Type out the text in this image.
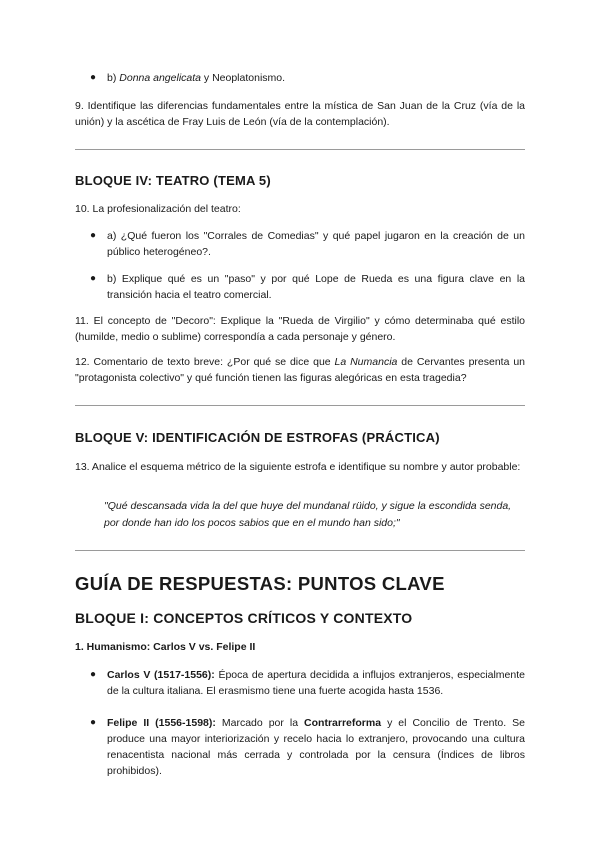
● b) Donna angelicata y Neoplatonismo.
9. Identifique las diferencias fundamentales entre la mística de San Juan de la Cruz (vía de la unión) y la ascética de Fray Luis de León (vía de la contemplación).
BLOQUE IV: TEATRO (TEMA 5)
10. La profesionalización del teatro:
● a) ¿Qué fueron los "Corrales de Comedias" y qué papel jugaron en la creación de un público heterogéneo?.
● b) Explique qué es un "paso" y por qué Lope de Rueda es una figura clave en la transición hacia el teatro comercial.
11. El concepto de "Decoro": Explique la "Rueda de Virgilio" y cómo determinaba qué estilo (humilde, medio o sublime) correspondía a cada personaje y género.
12. Comentario de texto breve: ¿Por qué se dice que La Numancia de Cervantes presenta un "protagonista colectivo" y qué función tienen las figuras alegóricas en esta tragedia?
BLOQUE V: IDENTIFICACIÓN DE ESTROFAS (PRÁCTICA)
13. Analice el esquema métrico de la siguiente estrofa e identifique su nombre y autor probable:
"Qué descansada vida la del que huye del mundanal rüido, y sigue la escondida senda, por donde han ido los pocos sabios que en el mundo han sido;"
GUÍA DE RESPUESTAS: PUNTOS CLAVE
BLOQUE I: CONCEPTOS CRÍTICOS Y CONTEXTO
1. Humanismo: Carlos V vs. Felipe II
● Carlos V (1517-1556): Época de apertura decidida a influjos extranjeros, especialmente de la cultura italiana. El erasmismo tiene una fuerte acogida hasta 1536.
● Felipe II (1556-1598): Marcado por la Contrarreforma y el Concilio de Trento. Se produce una mayor interiorización y recelo hacia lo extranjero, provocando una cultura renacentista nacional más cerrada y controlada por la censura (Índices de libros prohibidos).
